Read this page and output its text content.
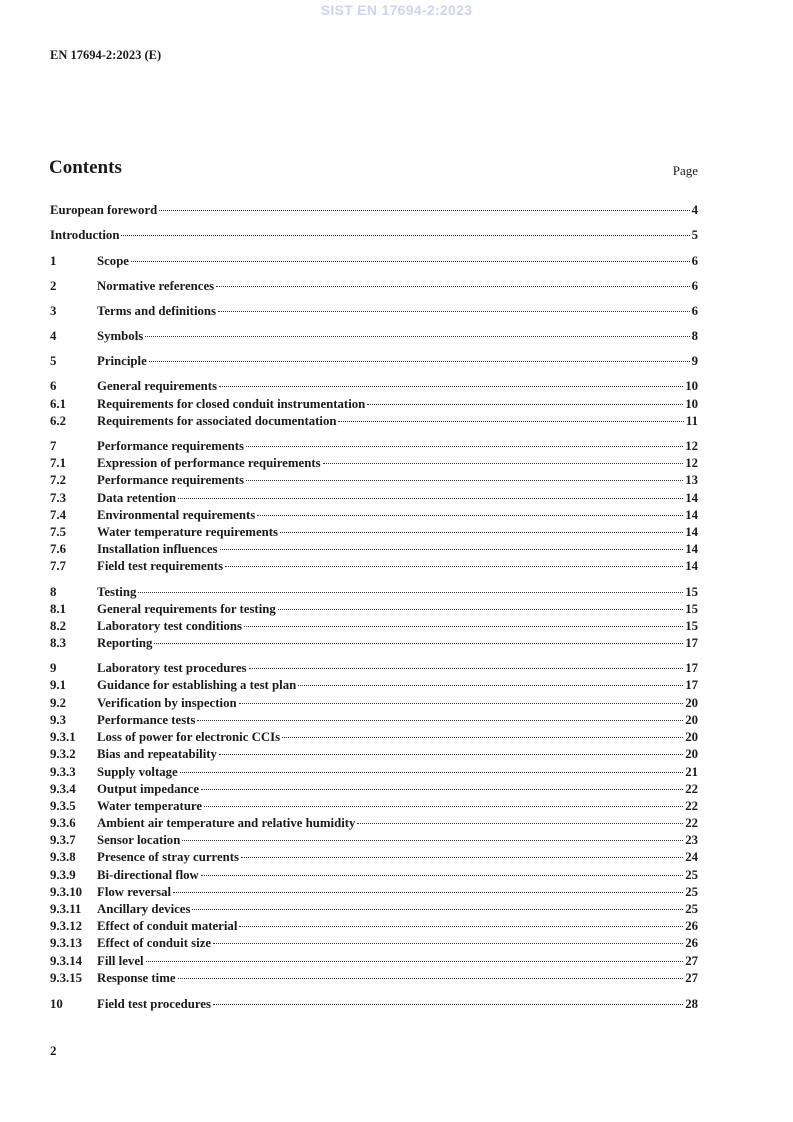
SIST EN 17694-2:2023
EN 17694-2:2023 (E)
Contents	Page
European foreword	4
Introduction	5
1	Scope	6
2	Normative references	6
3	Terms and definitions	6
4	Symbols	8
5	Principle	9
6	General requirements	10
6.1	Requirements for closed conduit instrumentation	10
6.2	Requirements for associated documentation	11
7	Performance requirements	12
7.1	Expression of performance requirements	12
7.2	Performance requirements	13
7.3	Data retention	14
7.4	Environmental requirements	14
7.5	Water temperature requirements	14
7.6	Installation influences	14
7.7	Field test requirements	14
8	Testing	15
8.1	General requirements for testing	15
8.2	Laboratory test conditions	15
8.3	Reporting	17
9	Laboratory test procedures	17
9.1	Guidance for establishing a test plan	17
9.2	Verification by inspection	20
9.3	Performance tests	20
9.3.1	Loss of power for electronic CCIs	20
9.3.2	Bias and repeatability	20
9.3.3	Supply voltage	21
9.3.4	Output impedance	22
9.3.5	Water temperature	22
9.3.6	Ambient air temperature and relative humidity	22
9.3.7	Sensor location	23
9.3.8	Presence of stray currents	24
9.3.9	Bi-directional flow	25
9.3.10	Flow reversal	25
9.3.11	Ancillary devices	25
9.3.12	Effect of conduit material	26
9.3.13	Effect of conduit size	26
9.3.14	Fill level	27
9.3.15	Response time	27
10	Field test procedures	28
2
